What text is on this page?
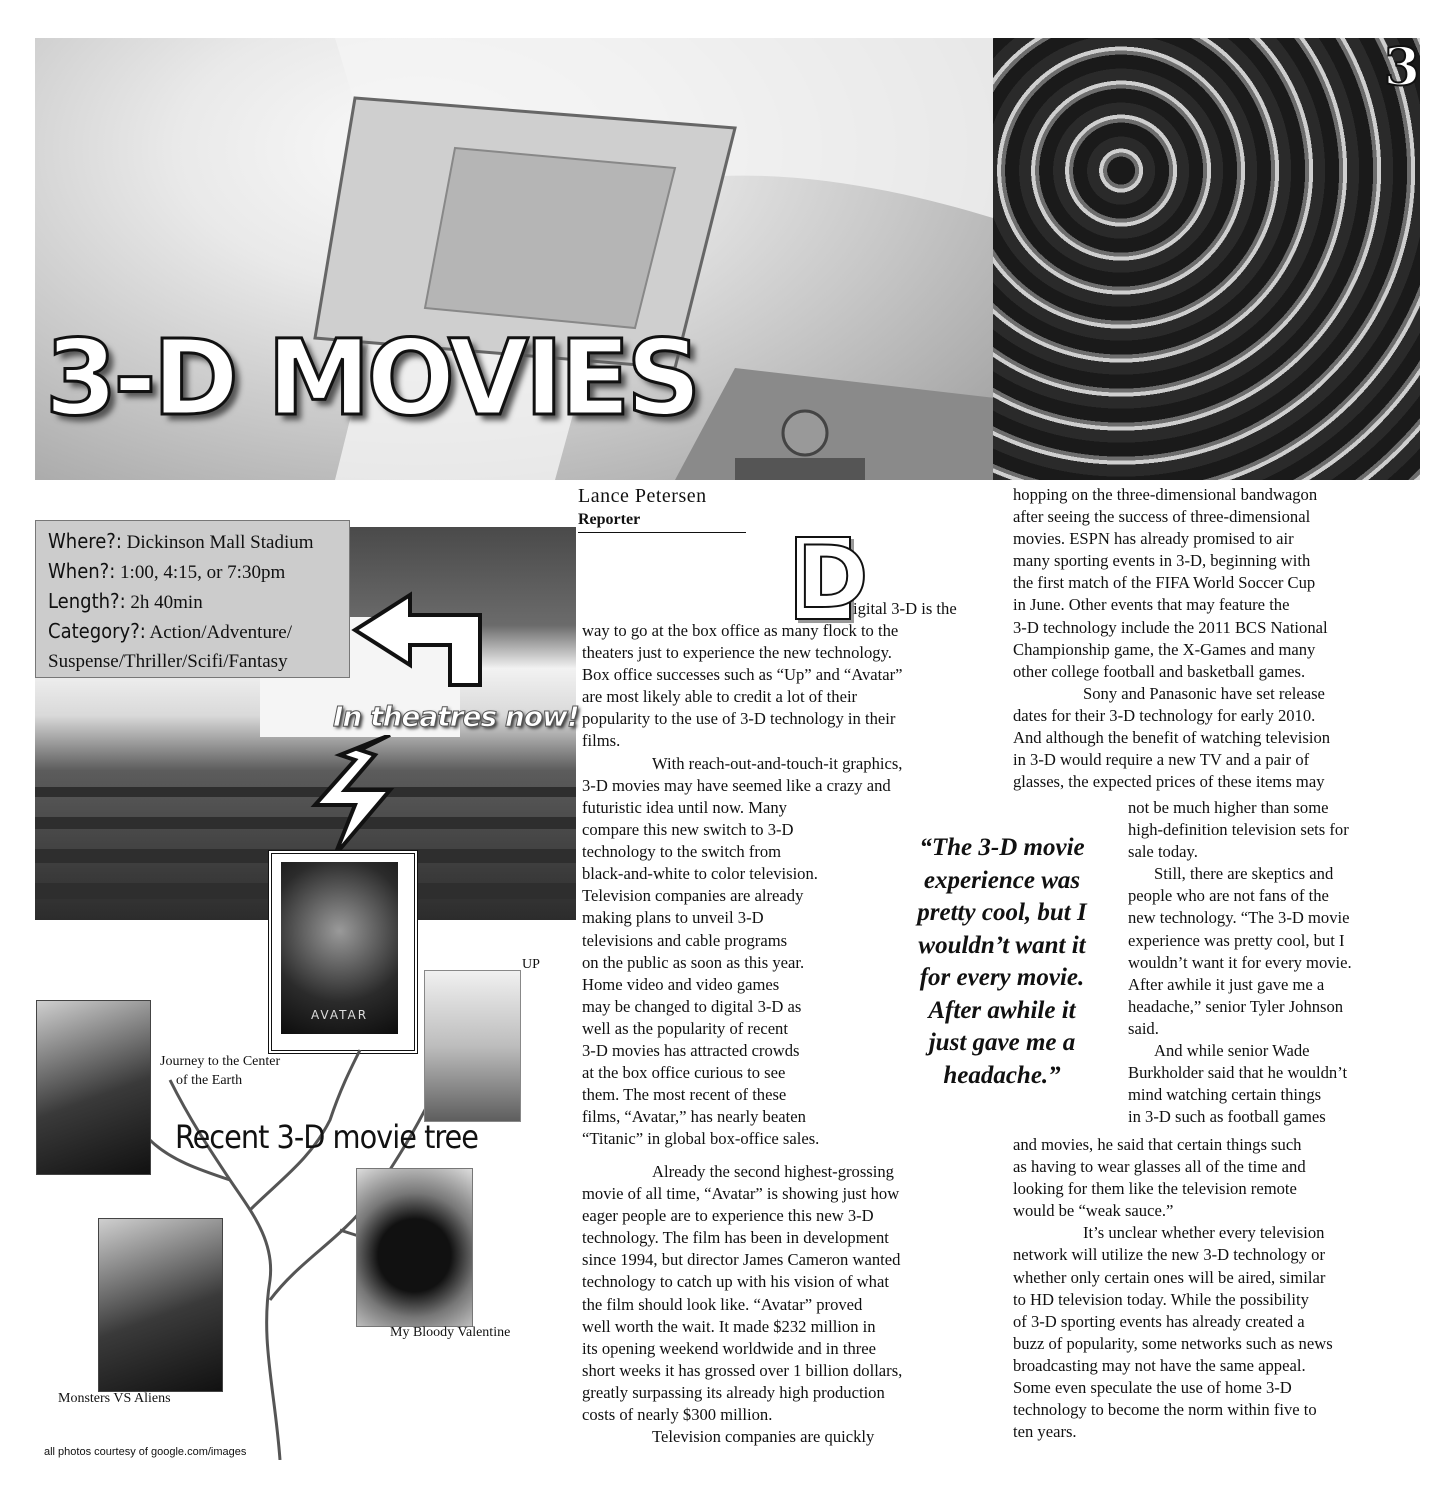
3
3-D MOVIES
Lance Petersen
Reporter
Where?: Dickinson Mall Stadium
When?: 1:00, 4:15, or 7:30pm
Length?: 2h 40min
Category?: Action/Adventure/
Suspense/Thriller/Scifi/Fantasy
In theatres now!
AVATAR
UP
Journey to the Center
of the Earth
Recent 3-D movie tree
Monsters VS Aliens
My Bloody Valentine
all photos courtesy of google.com/images
D

igital 3-D is the

way to go at the box office as many flock to the

theaters just to experience the new technology.

Box office successes such as “Up” and “Avatar”

are most likely able to credit a lot of their

popularity to the use of 3-D technology in their

films.

With reach-out-and-touch-it graphics,

3-D movies may have seemed like a crazy and

futuristic idea until now. Many

compare this new switch to 3-D

technology to the switch from

black-and-white to color television.

Television companies are already

making plans to unveil 3-D

televisions and cable programs

on the public as soon as this year.

Home video and video games

may be changed to digital 3-D as

well as the popularity of recent

3-D movies has attracted crowds

at the box office curious to see

them. The most recent of these

films, “Avatar,” has nearly beaten

“Titanic” in global box-office sales.

Already the second highest-grossing

movie of all time, “Avatar” is showing just how

eager people are to experience this new 3-D

technology. The film has been in development

since 1994, but director James Cameron wanted

technology to catch up with his vision of what

the film should look like. “Avatar” proved

well worth the wait. It made $232 million in

its opening weekend worldwide and in three

short weeks it has grossed over 1 billion dollars,

greatly surpassing its already high production

costs of nearly $300 million.

Television companies are quickly

“The 3-D movie
experience was
pretty cool, but I
wouldn’t want it
for every movie.
After awhile it
just gave me a
headache.”

hopping on the three-dimensional bandwagon

after seeing the success of three-dimensional

movies. ESPN has already promised to air

many sporting events in 3-D, beginning with

the first match of the FIFA World Soccer Cup

in June. Other events that may feature the

3-D technology include the 2011 BCS National

Championship game, the X-Games and many

other college football and basketball games.

Sony and Panasonic have set release

dates for their 3-D technology for early 2010.

And although the benefit of watching television

in 3-D would require a new TV and a pair of

glasses, the expected prices of these items may

not be much higher than some

high-definition television sets for

sale today.

Still, there are skeptics and

people who are not fans of the

new technology. “The 3-D movie

experience was pretty cool, but I

wouldn’t want it for every movie.

After awhile it just gave me a

headache,” senior Tyler Johnson

said.

And while senior Wade

Burkholder said that he wouldn’t

mind watching certain things

in 3-D such as football games

and movies, he said that certain things such

as having to wear glasses all of the time and

looking for them like the television remote

would be “weak sauce.”

It’s unclear whether every television

network will utilize the new 3-D technology or

whether only certain ones will be aired, similar

to HD television today. While the possibility

of 3-D sporting events has already created a

buzz of popularity, some networks such as news

broadcasting may not have the same appeal.

Some even speculate the use of home 3-D

technology to become the norm within five to

ten years.
